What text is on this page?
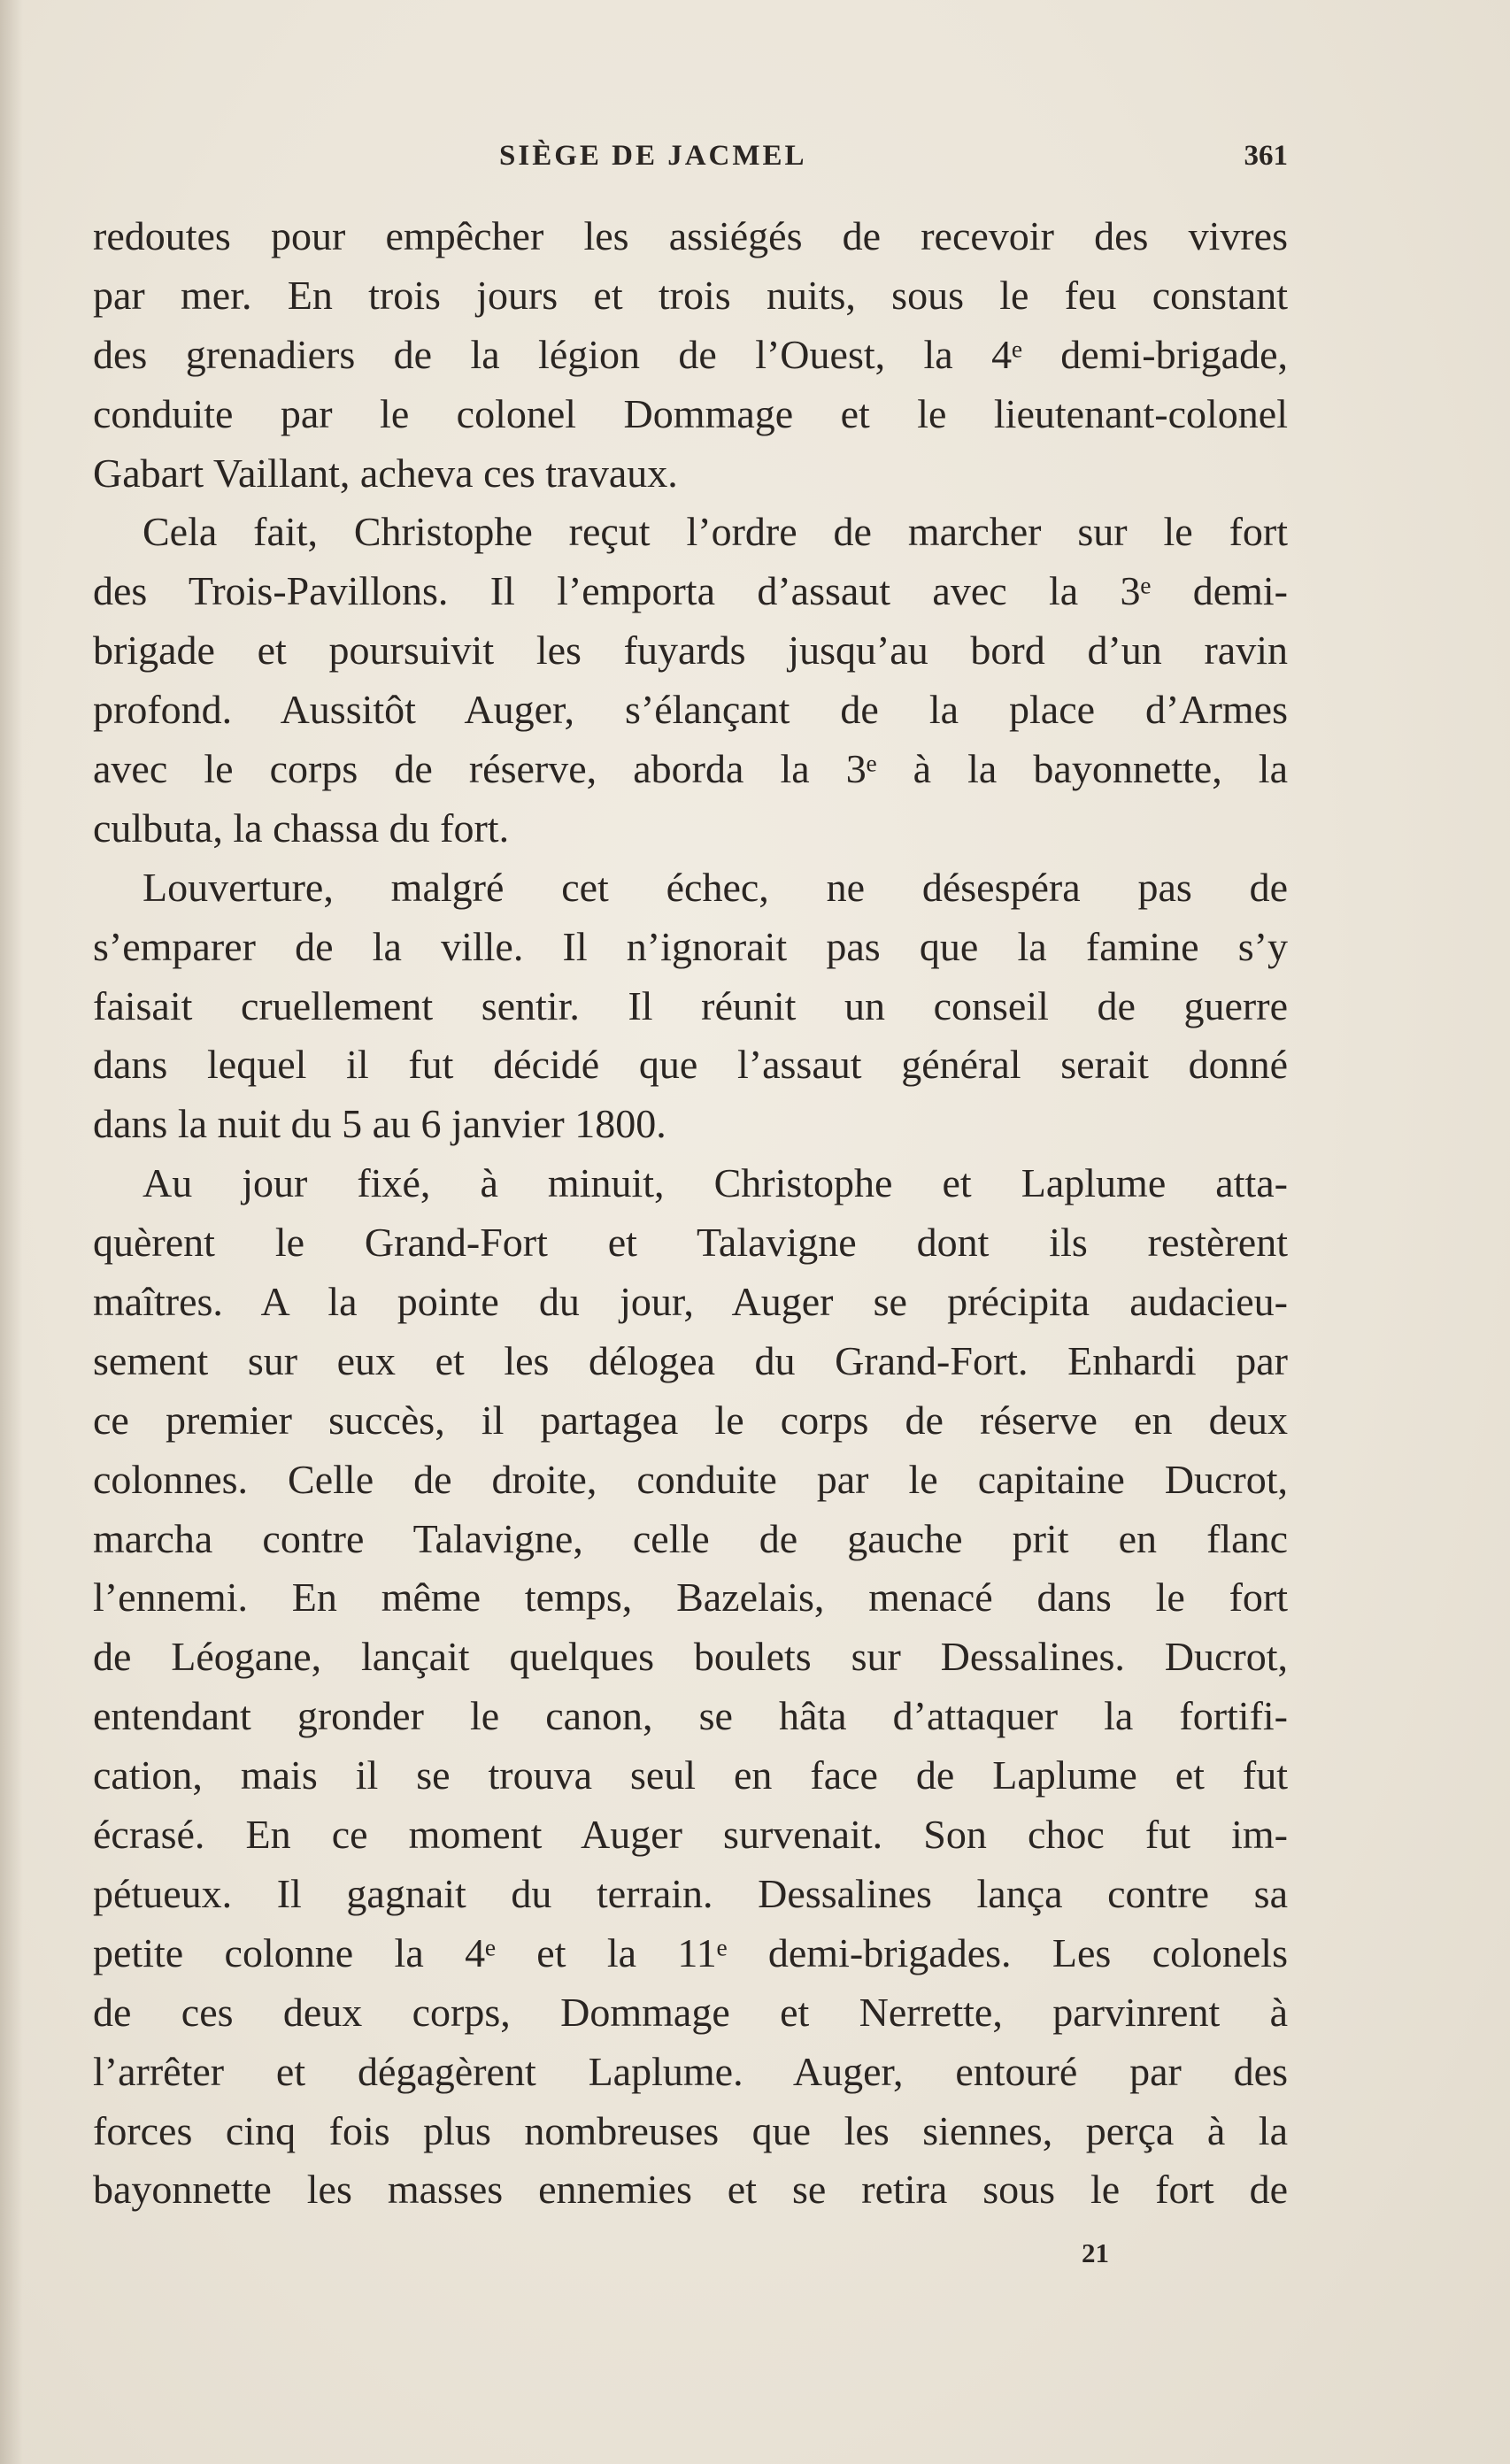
SIÈGE DE JACMEL	361
redoutes pour empêcher les assiégés de recevoir des vivres
par mer. En trois jours et trois nuits, sous le feu constant
des grenadiers de la légion de l’Ouest, la 4ᵉ demi-brigade,
conduite par le colonel Dommage et le lieutenant-colonel
Gabart Vaillant, acheva ces travaux.
Cela fait, Christophe reçut l’ordre de marcher sur le fort
des Trois-Pavillons. Il l’emporta d’assaut avec la 3ᵉ demi-
brigade et poursuivit les fuyards jusqu’au bord d’un ravin
profond. Aussitôt Auger, s’élançant de la place d’Armes
avec le corps de réserve, aborda la 3ᵉ à la bayonnette, la
culbuta, la chassa du fort.
Louverture, malgré cet échec, ne désespéra pas de
s’emparer de la ville. Il n’ignorait pas que la famine s’y
faisait cruellement sentir. Il réunit un conseil de guerre
dans lequel il fut décidé que l’assaut général serait donné
dans la nuit du 5 au 6 janvier 1800.
Au jour fixé, à minuit, Christophe et Laplume atta-
quèrent le Grand-Fort et Talavigne dont ils restèrent
maîtres. A la pointe du jour, Auger se précipita audacieu-
sement sur eux et les délogea du Grand-Fort. Enhardi par
ce premier succès, il partagea le corps de réserve en deux
colonnes. Celle de droite, conduite par le capitaine Ducrot,
marcha contre Talavigne, celle de gauche prit en flanc
l’ennemi. En même temps, Bazelais, menacé dans le fort
de Léogane, lançait quelques boulets sur Dessalines. Ducrot,
entendant gronder le canon, se hâta d’attaquer la fortifi-
cation, mais il se trouva seul en face de Laplume et fut
écrasé. En ce moment Auger survenait. Son choc fut im-
pétueux. Il gagnait du terrain. Dessalines lança contre sa
petite colonne la 4ᵉ et la 11ᵉ demi-brigades. Les colonels
de ces deux corps, Dommage et Nerrette, parvinrent à
l’arrêter et dégagèrent Laplume. Auger, entouré par des
forces cinq fois plus nombreuses que les siennes, perça à la
bayonnette les masses ennemies et se retira sous le fort de
21
